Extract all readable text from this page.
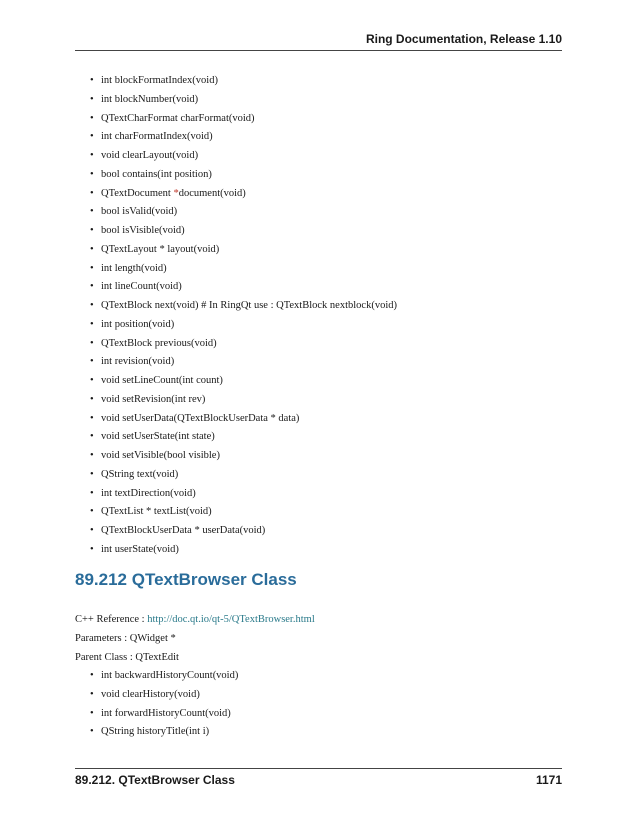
Ring Documentation, Release 1.10
• int blockFormatIndex(void)
• int blockNumber(void)
• QTextCharFormat charFormat(void)
• int charFormatIndex(void)
• void clearLayout(void)
• bool contains(int position)
• QTextDocument *document(void)
• bool isValid(void)
• bool isVisible(void)
• QTextLayout * layout(void)
• int length(void)
• int lineCount(void)
• QTextBlock next(void) # In RingQt use : QTextBlock nextblock(void)
• int position(void)
• QTextBlock previous(void)
• int revision(void)
• void setLineCount(int count)
• void setRevision(int rev)
• void setUserData(QTextBlockUserData * data)
• void setUserState(int state)
• void setVisible(bool visible)
• QString text(void)
• int textDirection(void)
• QTextList * textList(void)
• QTextBlockUserData * userData(void)
• int userState(void)
89.212 QTextBrowser Class
C++ Reference : http://doc.qt.io/qt-5/QTextBrowser.html
Parameters : QWidget *
Parent Class : QTextEdit
• int backwardHistoryCount(void)
• void clearHistory(void)
• int forwardHistoryCount(void)
• QString historyTitle(int i)
89.212. QTextBrowser Class	1171
